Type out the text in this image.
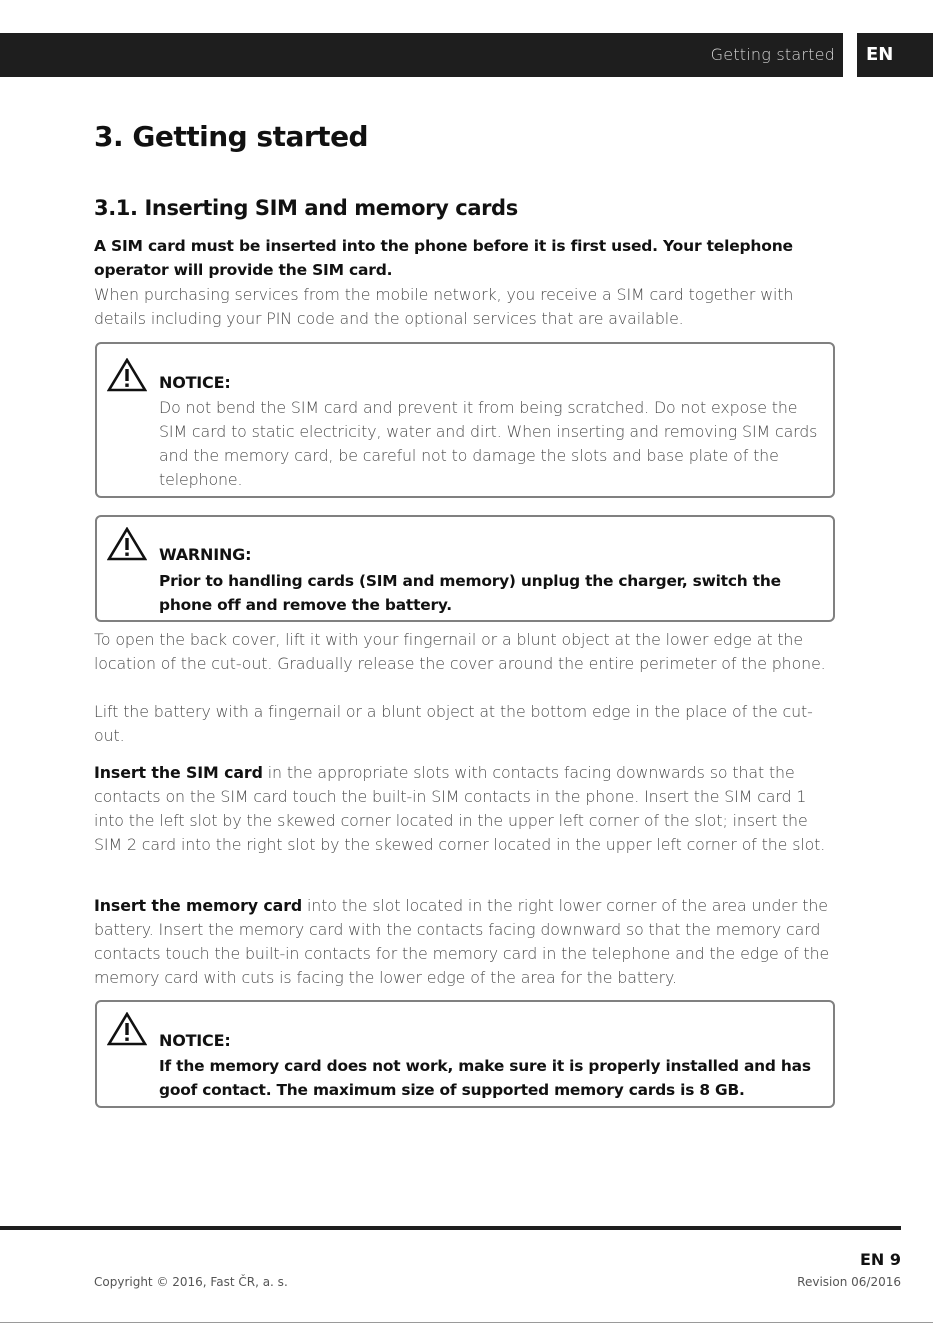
Getting started	EN
3. Getting started
3.1. Inserting SIM and memory cards
A SIM card must be inserted into the phone before it is first used. Your telephone operator will provide the SIM card.
When purchasing services from the mobile network, you receive a SIM card together with details including your PIN code and the optional services that are available.
NOTICE:
Do not bend the SIM card and prevent it from being scratched. Do not expose the SIM card to static electricity, water and dirt. When inserting and removing SIM cards and the memory card, be careful not to damage the slots and base plate of the telephone.
WARNING:
Prior to handling cards (SIM and memory) unplug the charger, switch the phone off and remove the battery.
To open the back cover, lift it with your fingernail or a blunt object at the lower edge at the location of the cut-out. Gradually release the cover around the entire perimeter of the phone.
Lift the battery with a fingernail or a blunt object at the bottom edge in the place of the cut-out.
Insert the SIM card in the appropriate slots with contacts facing downwards so that the contacts on the SIM card touch the built-in SIM contacts in the phone. Insert the SIM card 1 into the left slot by the skewed corner located in the upper left corner of the slot; insert the SIM 2 card into the right slot by the skewed corner located in the upper left corner of the slot.
Insert the memory card into the slot located in the right lower corner of the area under the battery. Insert the memory card with the contacts facing downward so that the memory card contacts touch the built-in contacts for the memory card in the telephone and the edge of the memory card with cuts is facing the lower edge of the area for the battery.
NOTICE:
If the memory card does not work, make sure it is properly installed and has goof contact. The maximum size of supported memory cards is 8 GB.
EN 9
Copyright © 2016, Fast ČR, a. s.	Revision 06/2016
